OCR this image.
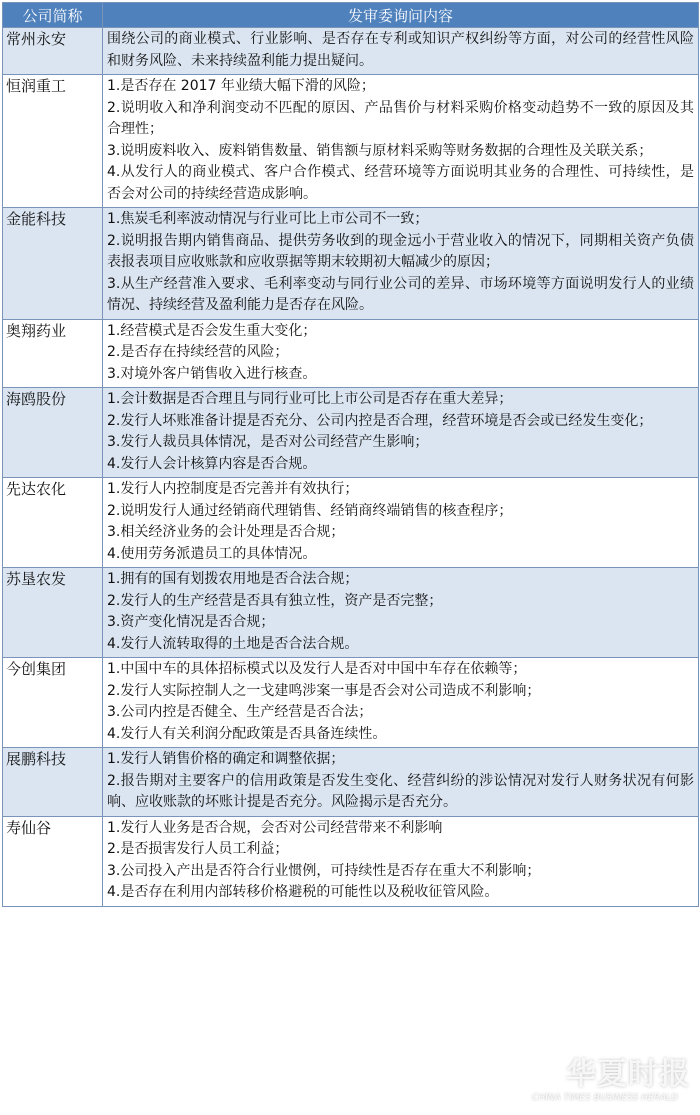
公司简称	发审委询问内容
常州永安	围绕公司的商业模式、行业影响、是否存在专利或知识产权纠纷等方面，对公司的经营性风险和财务风险、未来持续盈利能力提出疑问。

恒润重工	1.是否存在 2017 年业绩大幅下滑的风险；
2.说明收入和净利润变动不匹配的原因、产品售价与材料采购价格变动趋势不一致的原因及其合理性；
3.说明废料收入、废料销售数量、销售额与原材料采购等财务数据的合理性及关联关系；
4.从发行人的商业模式、客户合作模式、经营环境等方面说明其业务的合理性、可持续性，是否会对公司的持续经营造成影响。

金能科技	1.焦炭毛利率波动情况与行业可比上市公司不一致；
2.说明报告期内销售商品、提供劳务收到的现金远小于营业收入的情况下，同期相关资产负债表报表项目应收账款和应收票据等期末较期初大幅减少的原因；
3.从生产经营准入要求、毛利率变动与同行业公司的差异、市场环境等方面说明发行人的业绩情况、持续经营及盈利能力是否存在风险。

奥翔药业	1.经营模式是否会发生重大变化；
2.是否存在持续经营的风险；
3.对境外客户销售收入进行核查。

海鸥股份	1.会计数据是否合理且与同行业可比上市公司是否存在重大差异；
2.发行人坏账准备计提是否充分、公司内控是否合理，经营环境是否会或已经发生变化；
3.发行人裁员具体情况，是否对公司经营产生影响；
4.发行人会计核算内容是否合规。

先达农化	1.发行人内控制度是否完善并有效执行；
2.说明发行人通过经销商代理销售、经销商终端销售的核查程序；
3.相关经济业务的会计处理是否合规；
4.使用劳务派遣员工的具体情况。

苏垦农发	1.拥有的国有划拨农用地是否合法合规；
2.发行人的生产经营是否具有独立性，资产是否完整；
3.资产变化情况是否合规；
4.发行人流转取得的土地是否合法合规。

今创集团	1.中国中车的具体招标模式以及发行人是否对中国中车存在依赖等；
2.发行人实际控制人之一戈建鸣涉案一事是否会对公司造成不利影响；
3.公司内控是否健全、生产经营是否合法；
4.发行人有关利润分配政策是否具备连续性。

展鹏科技	1.发行人销售价格的确定和调整依据；
2.报告期对主要客户的信用政策是否发生变化、经营纠纷的涉讼情况对发行人财务状况有何影响、应收账款的坏账计提是否充分。风险揭示是否充分。

寿仙谷	1.发行人业务是否合规，会否对公司经营带来不利影响
2.是否损害发行人员工利益；
3.公司投入产出是否符合行业惯例，可持续性是否存在重大不利影响；
4.是否存在利用内部转移价格避税的可能性以及税收征管风险。
华夏时报
CHINA TIMES BUSINESS HERALD
